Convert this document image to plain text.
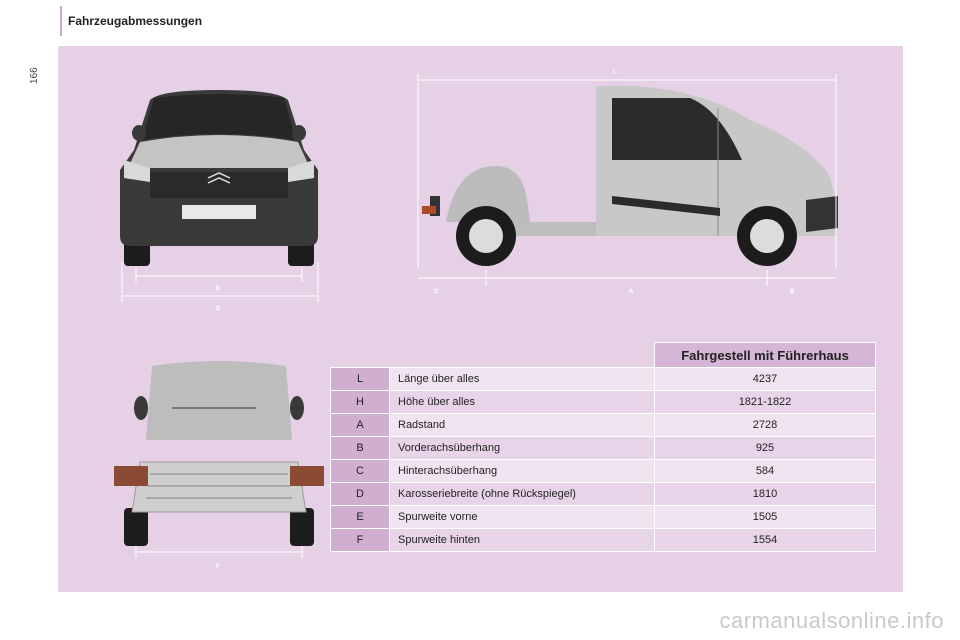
Fahrzeugabmessungen
166
E
D
L
C	A	B
F
		Fahrgestell mit Führerhaus
L	Länge über alles	4237
H	Höhe über alles	1821-1822
A	Radstand	2728
B	Vorderachsüberhang	925
C	Hinterachsüberhang	584
D	Karosseriebreite (ohne Rückspiegel)	1810
E	Spurweite vorne	1505
F	Spurweite hinten	1554
carmanualsonline.info
